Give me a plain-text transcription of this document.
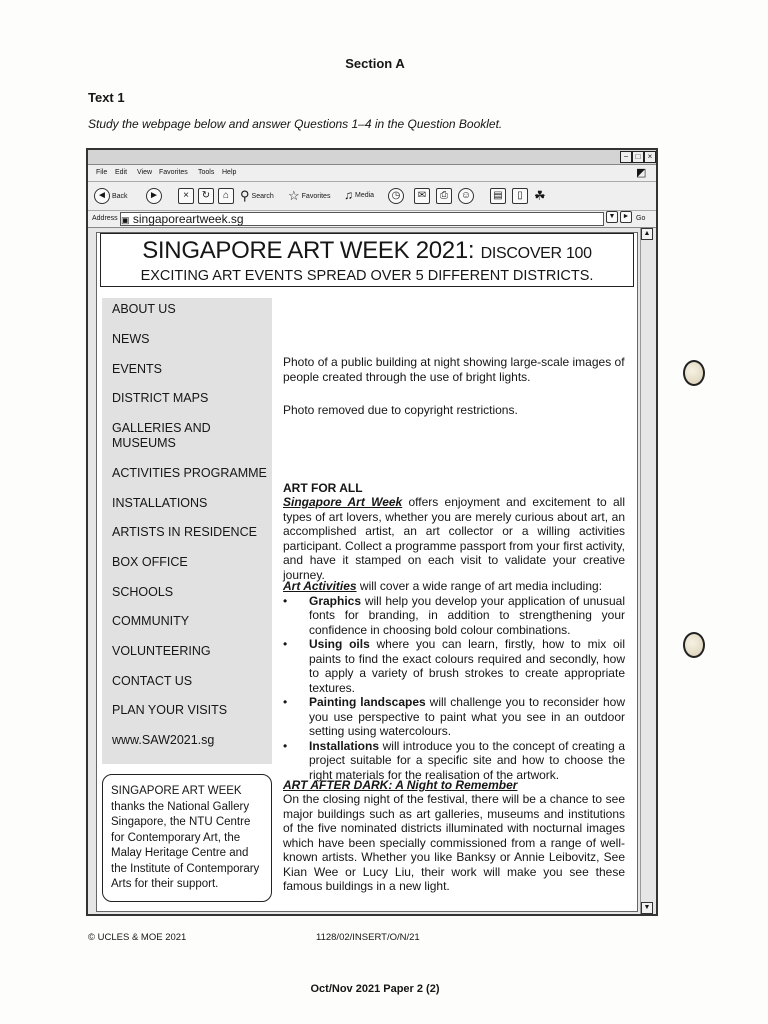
Section A
Text 1
Study the webpage below and answer Questions 1–4 in the Question Booklet.
− □ ×
File Edit View Favorites Tools Help	◩
◄ Back	►	×	↻	⌂ ⚲ Search ☆ Favorites ♫ Media	◷	✉	⎙	☺	▤	▯ ☘
Address ▣ singaporeartweek.sg	▼	► Go
▲
▼
SINGAPORE ART WEEK 2021: DISCOVER 100
EXCITING ART EVENTS SPREAD OVER 5 DIFFERENT DISTRICTS.
ABOUT US
NEWS
EVENTS
DISTRICT MAPS
GALLERIES AND MUSEUMS
ACTIVITIES PROGRAMME
INSTALLATIONS
ARTISTS IN RESIDENCE
BOX OFFICE
SCHOOLS
COMMUNITY
VOLUNTEERING
CONTACT US
PLAN YOUR VISITS
www.SAW2021.sg
SINGAPORE ART WEEK thanks the National Gallery Singapore, the NTU Centre for Contemporary Art, the Malay Heritage Centre and the Institute of Contemporary Arts for their support.
Photo of a public building at night showing large-scale images of people created through the use of bright lights.
Photo removed due to copyright restrictions.
ART FOR ALL
Singapore Art Week offers enjoyment and excitement to all types of art lovers, whether you are merely curious about art, an accomplished artist, an art collector or a willing activities participant. Collect a programme passport from your first activity, and have it stamped on each visit to validate your creative journey.
Art Activities will cover a wide range of art media including:
• Graphics will help you develop your application of unusual fonts for branding, in addition to strengthening your confidence in choosing bold colour combinations.
• Using oils where you can learn, firstly, how to mix oil paints to find the exact colours required and secondly, how to apply a variety of brush strokes to create appropriate textures.
• Painting landscapes will challenge you to reconsider how you use perspective to paint what you see in an outdoor setting using watercolours.
• Installations will introduce you to the concept of creating a project suitable for a specific site and how to choose the right materials for the realisation of the artwork.
ART AFTER DARK: A Night to Remember
On the closing night of the festival, there will be a chance to see major buildings such as art galleries, museums and institutions of the five nominated districts illuminated with nocturnal images which have been specially commissioned from a range of well-known artists. Whether you like Banksy or Annie Leibovitz, See Kian Wee or Lucy Liu, their work will make you see these famous buildings in a new light.
© UCLES & MOE 2021	1128/02/INSERT/O/N/21
Oct/Nov 2021 Paper 2 (2)
